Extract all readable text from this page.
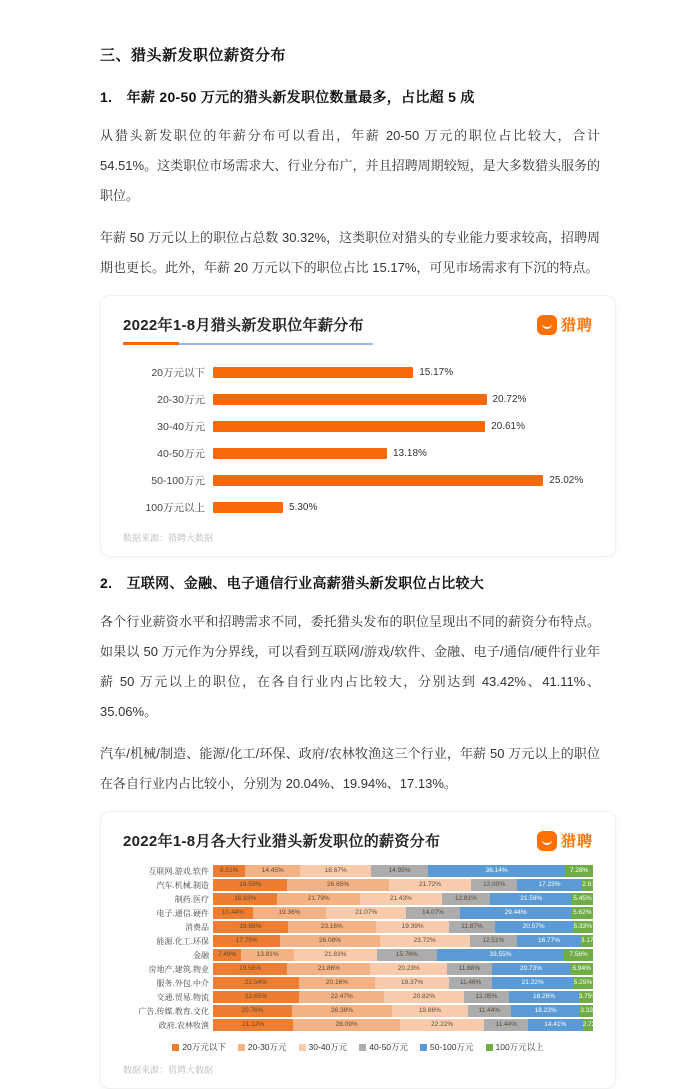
三、猎头新发职位薪资分布
1.　年薪 20-50 万元的猎头新发职位数量最多，占比超 5 成

从猎头新发职位的年薪分布可以看出，年薪 20-50 万元的职位占比较大，合计 54.51%。这类职位市场需求大、行业分布广，并且招聘周期较短，是大多数猎头服务的职位。

年薪 50 万元以上的职位占总数 30.32%，这类职位对猎头的专业能力要求较高，招聘周期也更长。此外，年薪 20 万元以下的职位占比 15.17%，可见市场需求有下沉的特点。

2022年1-8月猎头新发职位年薪分布	猎聘
20万元以下	15.17%
20-30万元	20.72%
30-40万元	20.61%
40-50万元	13.18%
50-100万元	25.02%
100万元以上	5.30%
数据来源：猎聘大数据
2.　互联网、金融、电子通信行业高薪猎头新发职位占比较大

各个行业薪资水平和招聘需求不同，委托猎头发布的职位呈现出不同的薪资分布特点。如果以 50 万元作为分界线，可以看到互联网/游戏/软件、金融、电子/通信/硬件行业年薪 50 万元以上的职位，在各自行业内占比较大，分别达到 43.42%、41.11%、35.06%。

汽车/机械/制造、能源/化工/环保、政府/农林牧渔这三个行业，年薪 50 万元以上的职位在各自行业内占比较小，分别为 20.04%、19.94%、17.13%。

2022年1-8月各大行业猎头新发职位的薪资分布	猎聘
互联网.游戏.软件	8.51%	14.45%	18.67%	14.95%	36.14%	7.28%
汽车.机械.制造	19.59%	26.65%	21.72%	12.00%	17.23%	2.81%
制药.医疗	16.93%	21.79%	21.43%	12.81%	21.59%	5.45%
电子.通信.硬件	10.44%	19.36%	21.07%	14.07%	29.44%	5.62%
消费品	19.68%	23.16%	19.39%	11.87%	20.57%	5.33%
能源.化工.环保	17.75%	26.08%	23.72%	12.51%	16.77%	3.17%
金融	7.49%	13.81%	21.83%	15.76%	33.55%	7.56%
房地产.建筑.物业	19.56%	21.86%	20.23%	11.68%	20.73%	5.94%
服务.外包.中介	22.54%	20.16%	19.37%	11.46%	21.22%	5.25%
交通.贸易.物流	22.65%	22.47%	20.82%	12.05%	18.26%	3.75%
广告.传媒.教育.文化	20.76%	26.38%	19.86%	11.44%	18.23%	3.33%
政府.农林牧渔	21.12%	28.09%	22.22%	11.44%	14.41%	2.72%
20万元以下	20-30万元	30-40万元	40-50万元	50-100万元	100万元以上
数据来源：猎聘大数据
